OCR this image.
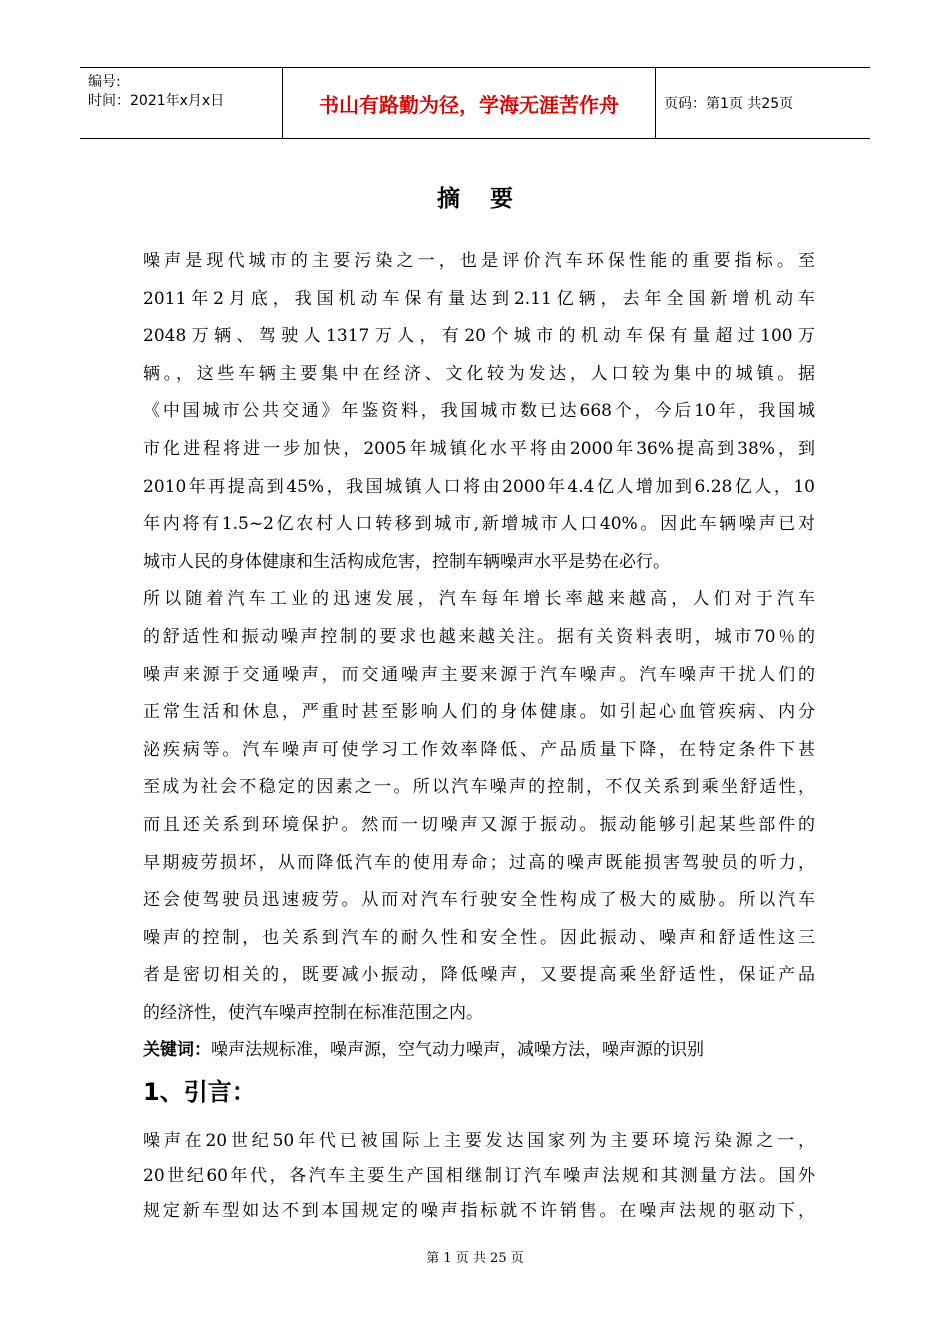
编号:
时间：2021年x月x日	书山有路勤为径，学海无涯苦作舟	页码：第1页 共25页
摘要
噪声是现代城市的主要污染之一，也是评价汽车环保性能的重要指标。至
2011年2月底，我国机动车保有量达到2.11亿辆，去年全国新增机动车
2048万辆、驾驶人1317万人，有20个城市的机动车保有量超过100万
辆。，这些车辆主要集中在经济、文化较为发达，人口较为集中的城镇。据
《中国城市公共交通》年鉴资料，我国城市数已达668个，今后10年，我国城
市化进程将进一步加快，2005年城镇化水平将由2000年36%提高到38%，到
2010年再提高到45%，我国城镇人口将由2000年4.4亿人增加到6.28亿人，10
年内将有1.5~2亿农村人口转移到城市,新增城市人口40%。因此车辆噪声已对
城市人民的身体健康和生活构成危害，控制车辆噪声水平是势在必行。
所以随着汽车工业的迅速发展，汽车每年增长率越来越高，人们对于汽车
的舒适性和振动噪声控制的要求也越来越关注。据有关资料表明，城市70％的
噪声来源于交通噪声，而交通噪声主要来源于汽车噪声。汽车噪声干扰人们的
正常生活和休息，严重时甚至影响人们的身体健康。如引起心血管疾病、内分
泌疾病等。汽车噪声可使学习工作效率降低、产品质量下降，在特定条件下甚
至成为社会不稳定的因素之一。所以汽车噪声的控制，不仅关系到乘坐舒适性，
而且还关系到环境保护。然而一切噪声又源于振动。振动能够引起某些部件的
早期疲劳损坏，从而降低汽车的使用寿命；过高的噪声既能损害驾驶员的听力，
还会使驾驶员迅速疲劳。从而对汽车行驶安全性构成了极大的威胁。所以汽车
噪声的控制，也关系到汽车的耐久性和安全性。因此振动、噪声和舒适性这三
者是密切相关的，既要减小振动，降低噪声，又要提高乘坐舒适性，保证产品
的经济性，使汽车噪声控制在标准范围之内。
关键词：噪声法规标准，噪声源，空气动力噪声，减噪方法，噪声源的识别
1、引言：
噪声在20世纪50年代已被国际上主要发达国家列为主要环境污染源之一，
20世纪60年代，各汽车主要生产国相继制订汽车噪声法规和其测量方法。国外
规定新车型如达不到本国规定的噪声指标就不许销售。在噪声法规的驱动下，
第 1 页 共 25 页
